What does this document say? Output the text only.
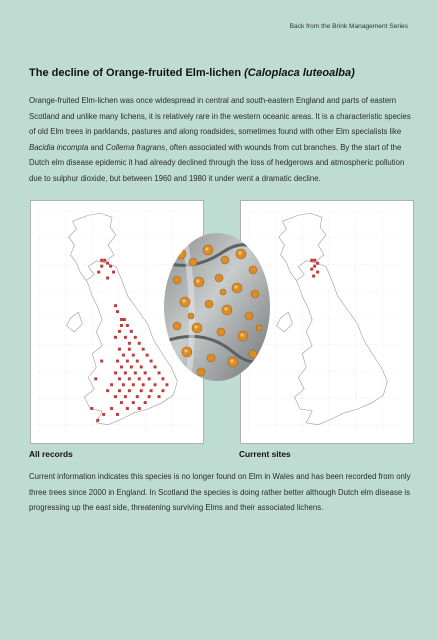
Back from the Brink Management Series
The decline of Orange-fruited Elm-lichen (Caloplaca luteoalba)
Orange-fruited Elm-lichen was once widespread in central and south-eastern England and parts of eastern Scotland and unlike many lichens, it is relatively rare in the western oceanic areas. It is a characteristic species of old Elm trees in parklands, pastures and along roadsides, sometimes found with other Elm specialists like Bacidia incompta and Collema fragrans, often associated with wounds from cut branches. By the start of the Dutch elm disease epidemic it had already declined through the loss of hedgerows and atmospheric pollution due to sulphur dioxide, but between 1960 and 1980 it under went a dramatic decline.
All records	Current sites
Current information indicates this species is no longer found on Elm in Wales and has been recorded from only three trees since 2000 in England. In Scotland the species is doing rather better although Dutch elm disease is progressing up the east side, threatening surviving Elms and their associated lichens.
